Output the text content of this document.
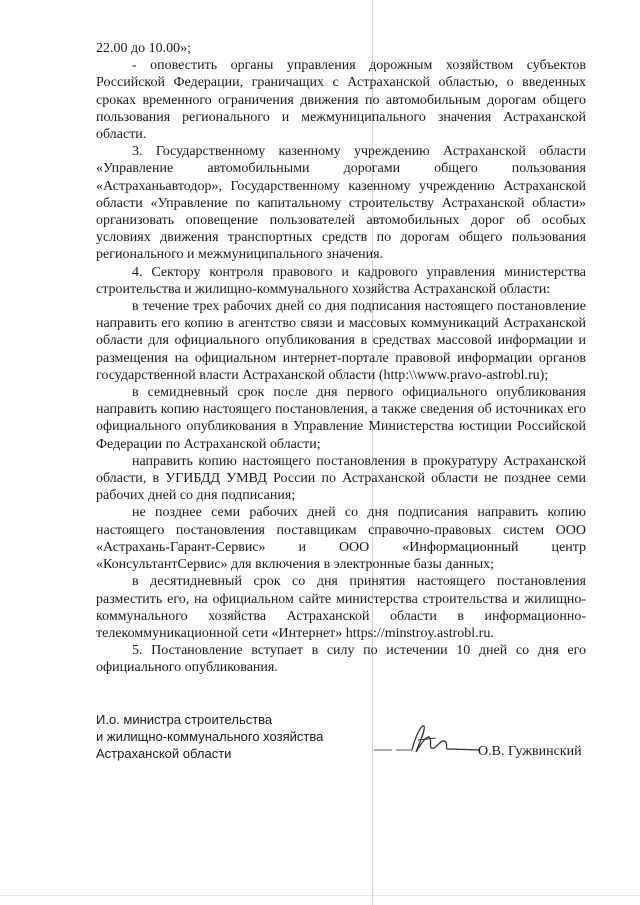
22.00 до 10.00»;

- оповестить органы управления дорожным хозяйством субъектов Российской Федерации, граничащих с Астраханской областью, о введенных сроках временного ограничения движения по автомобильным дорогам общего пользования регионального и межмуниципального значения Астраханской области.

3. Государственному казенному учреждению Астраханской области «Управление автомобильными дорогами общего пользования «Астраханьавтодор», Государственному казенному учреждению Астраханской области «Управление по капитальному строительству Астраханской области» организовать оповещение пользователей автомобильных дорог об особых условиях движения транспортных средств по дорогам общего пользования регионального и межмуниципального значения.

4. Сектору контроля правового и кадрового управления министерства строительства и жилищно-коммунального хозяйства Астраханской области:

в течение трех рабочих дней со дня подписания настоящего постановление направить его копию в агентство связи и массовых коммуникаций Астраханской области для официального опубликования в средствах массовой информации и размещения на официальном интернет-портале правовой информации органов государственной власти Астраханской области (http:\\www.pravo-astrobl.ru);

в семидневный срок после дня первого официального опубликования направить копию настоящего постановления, а также сведения об источниках его официального опубликования в Управление Министерства юстиции Российской Федерации по Астраханской области;

направить копию настоящего постановления в прокуратуру Астраханской области, в УГИБДД УМВД России по Астраханской области не позднее семи рабочих дней со дня подписания;

не позднее семи рабочих дней со дня подписания направить копию настоящего постановления поставщикам справочно-правовых систем ООО «Астрахань-Гарант-Сервис» и ООО «Информационный центр «КонсультантСервис» для включения в электронные базы данных;

в десятидневный срок со дня принятия настоящего постановления разместить его, на официальном сайте министерства строительства и жилищно-коммунального хозяйства Астраханской области в информационно-телекоммуникационной сети «Интернет» https://minstroy.astrobl.ru.

5. Постановление вступает в силу по истечении 10 дней со дня его официального опубликования.

И.о. министра строительства
и жилищно-коммунального хозяйства
Астраханской области	О.В. Гужвинский
